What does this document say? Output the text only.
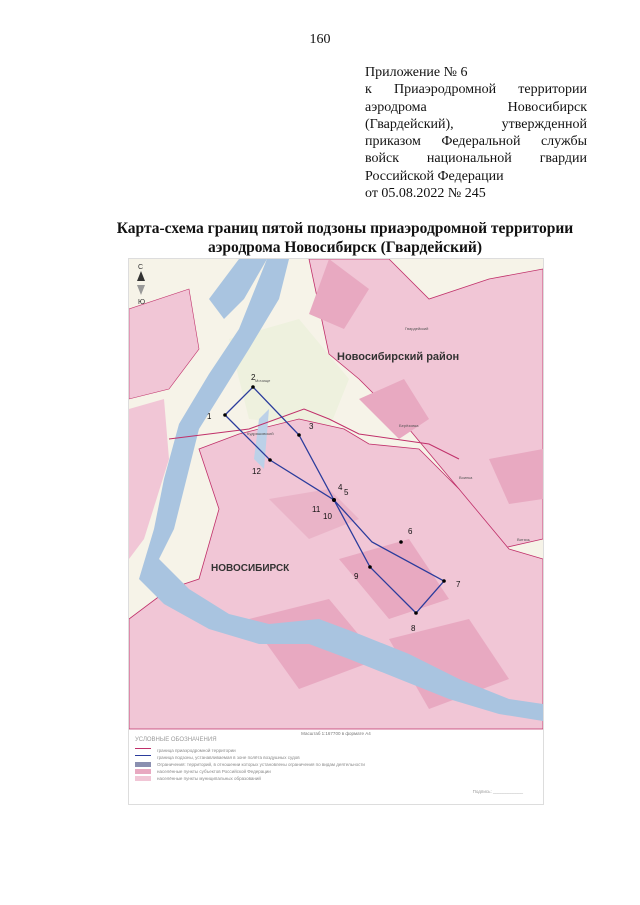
160
Приложение № 6
к Приаэродромной территории
аэродрома Новосибирск
(Гвардейский), утвержденной
приказом Федеральной службы
войск национальной гвардии
Российской Федерации
от 05.08.2022 № 245
Карта-схема границ пятой подзоны приаэродромной территории
аэродрома Новосибирск (Гвардейский)
С
Ю
Новосибирский район
НОВОСИБИРСК
Мочище
Кудряшовский
Берёзовка
Воинка
Гвардейский
Витязь
1
2
3
4
5
6
7
8
9
10
11
12
Масштаб 1:167700 в формате А4
УСЛОВНЫЕ ОБОЗНАЧЕНИЯ
граница приаэродромной территории
граница подзоны, устанавливаемая в зоне полёта воздушных судов
Ограничения: территорий, в отношении которых установлены ограничения по видам деятельности
населённые пункты субъектов Российской Федерации
населённые пункты муниципальных образований
Подпись: ____________
